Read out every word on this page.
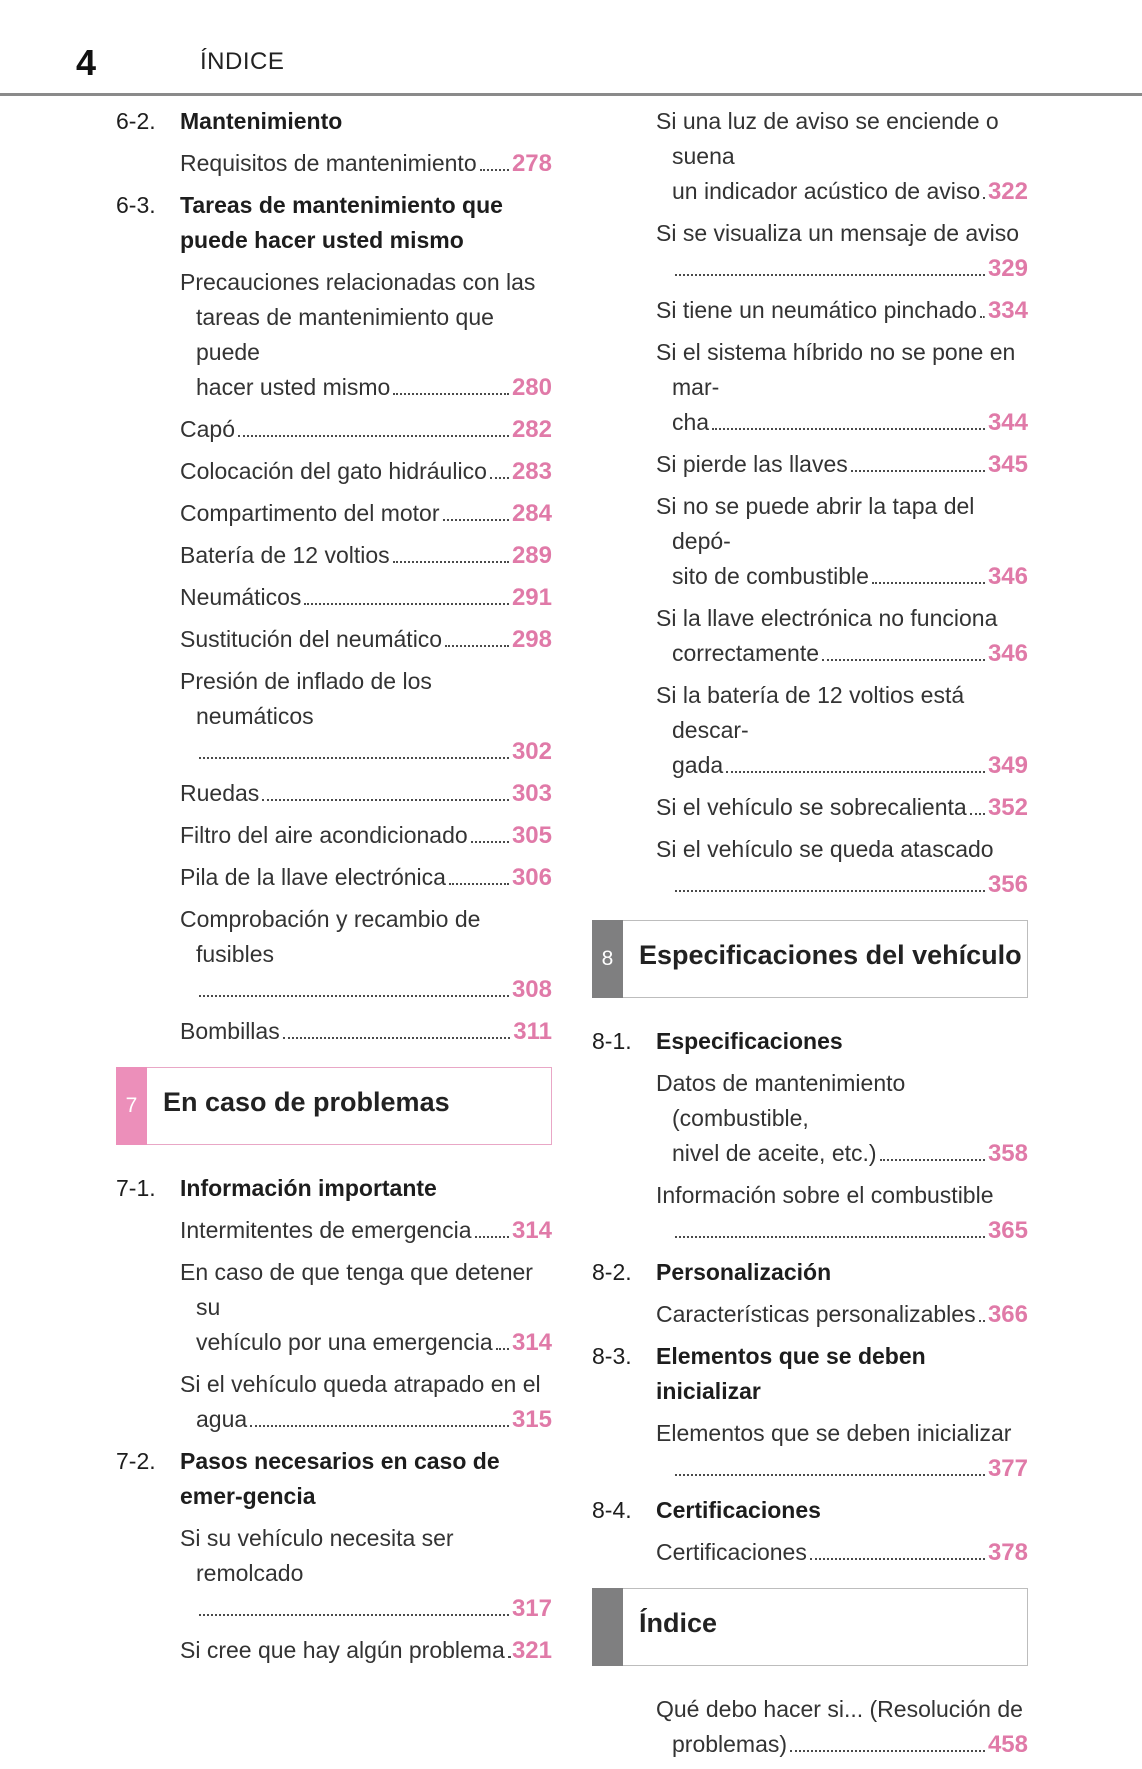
4	ÍNDICE
6-2.	Mantenimiento
Requisitos de mantenimiento 278
6-3.	Tareas de mantenimiento que puede hacer usted mismo
Precauciones relacionadas con las tareas de mantenimiento que puede
hacer usted mismo	280
Capó	282
Colocación del gato hidráulico 283
Compartimento del motor	284
Batería de 12 voltios	289
Neumáticos	291
Sustitución del neumático	298
Presión de inflado de los neumáticos
302
Ruedas	303
Filtro del aire acondicionado 305
Pila de la llave electrónica	306
Comprobación y recambio de fusibles
308
Bombillas	311
7 En caso de problemas
7-1.	Información importante
Intermitentes de emergencia 314
En caso de que tenga que detener su
vehículo por una emergencia 314
Si el vehículo queda atrapado en el
agua	315
7-2.	Pasos necesarios en caso de emer-gencia
Si su vehículo necesita ser remolcado
317
Si cree que hay algún problema 321
Si una luz de aviso se enciende o suena
un indicador acústico de aviso 322
Si se visualiza un mensaje de aviso
329
Si tiene un neumático pinchado 334
Si el sistema híbrido no se pone en mar-
cha	344
Si pierde las llaves	345
Si no se puede abrir la tapa del depó-
sito de combustible	346
Si la llave electrónica no funciona
correctamente	346
Si la batería de 12 voltios está descar-
gada	349
Si el vehículo se sobrecalienta 352
Si el vehículo se queda atascado
356
8 Especificaciones del vehículo
8-1.	Especificaciones
Datos de mantenimiento (combustible,
nivel de aceite, etc.)	358
Información sobre el combustible
365
8-2.	Personalización
Características personalizables 366
8-3.	Elementos que se deben inicializar
Elementos que se deben inicializar
377
8-4.	Certificaciones
Certificaciones	378
Índice
Qué debo hacer si... (Resolución de
problemas)	458
